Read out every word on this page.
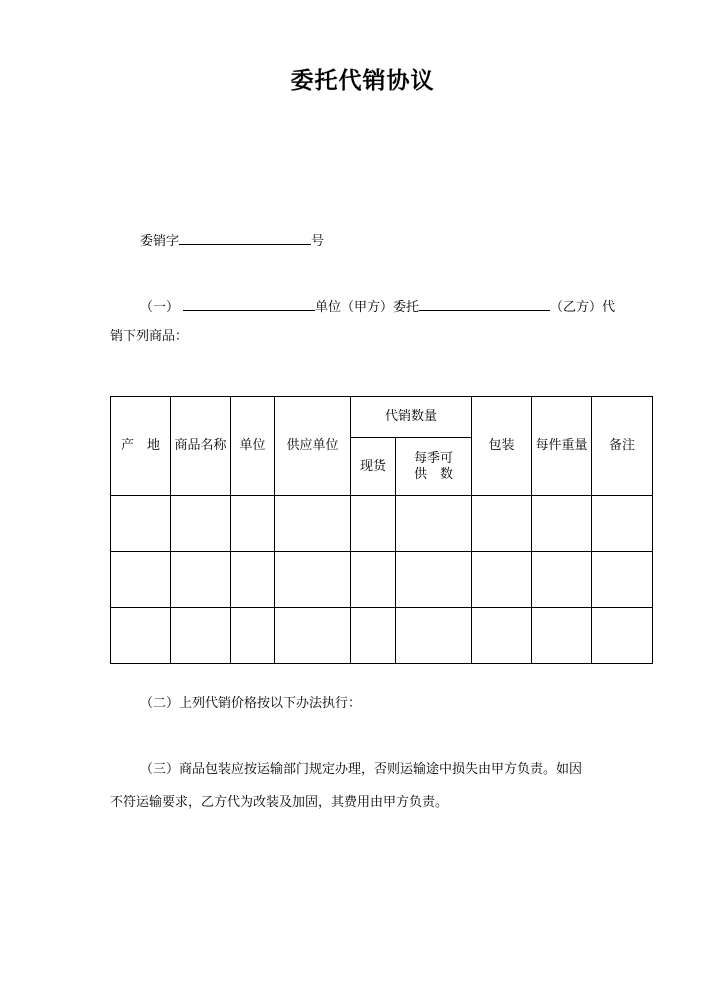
委托代销协议
委销字	号
（一）	单位（甲方）委托	（乙方）代
销下列商品：
产　地	商品名称	单位	供应单位	代销数量		包装	每件重量	备注
				现货	每季可
供　数			

（二）上列代销价格按以下办法执行：
（三）商品包装应按运输部门规定办理，否则运输途中损失由甲方负责。如因
不符运输要求，乙方代为改装及加固，其费用由甲方负责。
